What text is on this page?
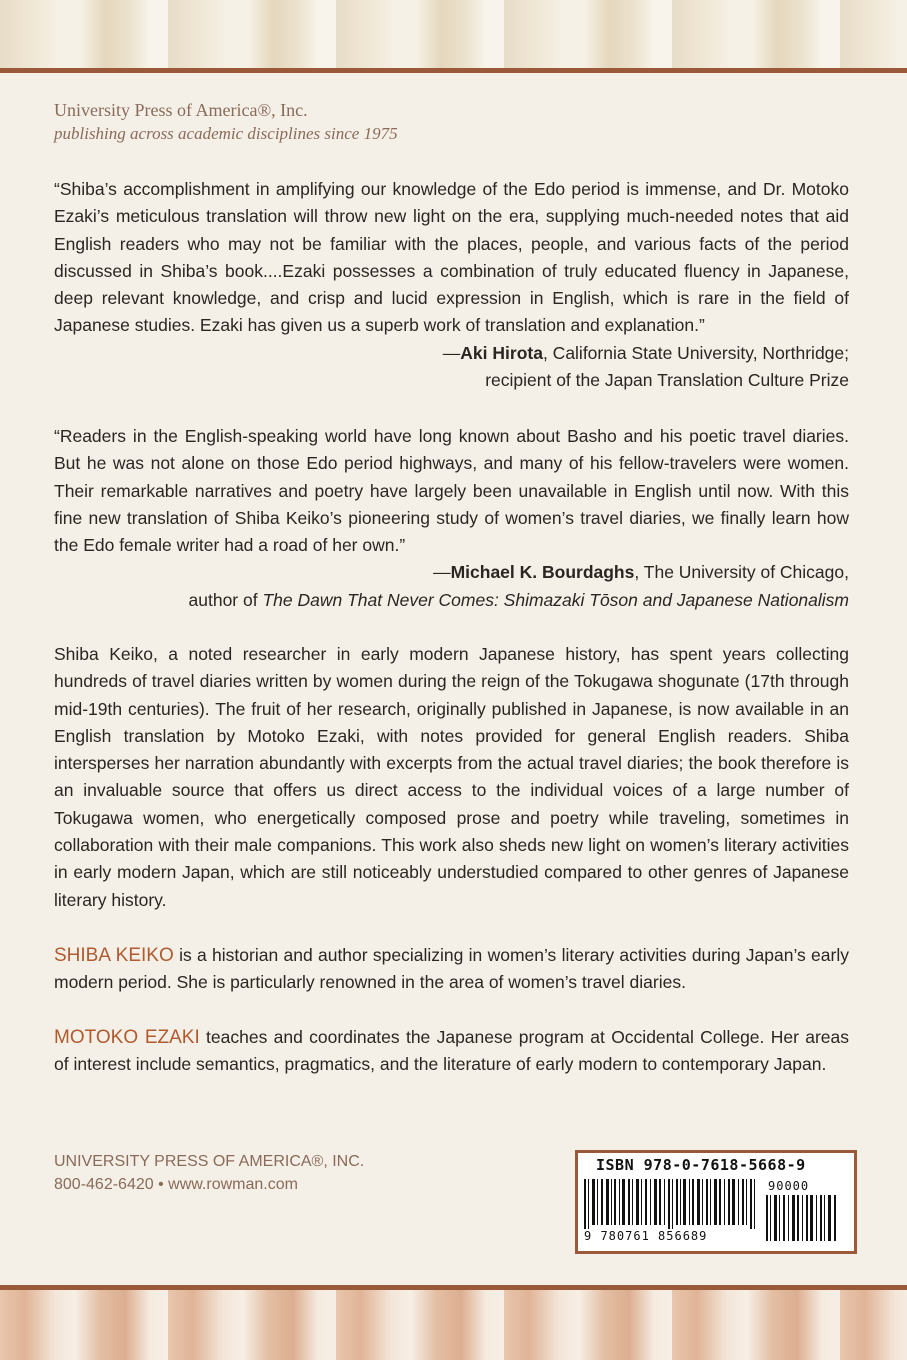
University Press of America®, Inc.
publishing across academic disciplines since 1975
“Shiba’s accomplishment in amplifying our knowledge of the Edo period is immense, and Dr. Motoko Ezaki’s meticulous translation will throw new light on the era, supplying much-needed notes that aid English readers who may not be familiar with the places, people, and various facts of the period discussed in Shiba’s book....Ezaki possesses a combination of truly educated fluency in Japanese, deep relevant knowledge, and crisp and lucid expression in English, which is rare in the field of Japanese studies. Ezaki has given us a superb work of translation and explanation.”
—Aki Hirota, California State University, Northridge;
recipient of the Japan Translation Culture Prize
“Readers in the English-speaking world have long known about Basho and his poetic travel diaries. But he was not alone on those Edo period highways, and many of his fellow-travelers were women. Their remarkable narratives and poetry have largely been unavailable in English until now. With this fine new translation of Shiba Keiko’s pioneering study of women’s travel diaries, we finally learn how the Edo female writer had a road of her own.”
—Michael K. Bourdaghs, The University of Chicago,
author of The Dawn That Never Comes: Shimazaki Tōson and Japanese Nationalism
Shiba Keiko, a noted researcher in early modern Japanese history, has spent years collecting hundreds of travel diaries written by women during the reign of the Tokugawa shogunate (17th through mid-19th centuries). The fruit of her research, originally published in Japanese, is now available in an English translation by Motoko Ezaki, with notes provided for general English readers. Shiba intersperses her narration abundantly with excerpts from the actual travel diaries; the book therefore is an invaluable source that offers us direct access to the individual voices of a large number of Tokugawa women, who energetically composed prose and poetry while traveling, sometimes in collaboration with their male companions. This work also sheds new light on women’s literary activities in early modern Japan, which are still noticeably understudied compared to other genres of Japanese literary history.
SHIBA KEIKO is a historian and author specializing in women’s literary activities during Japan’s early modern period. She is particularly renowned in the area of women’s travel diaries.
MOTOKO EZAKI teaches and coordinates the Japanese program at Occidental College. Her areas of interest include semantics, pragmatics, and the literature of early modern to contemporary Japan.
UNIVERSITY PRESS OF AMERICA®, INC.
800-462-6420 • www.rowman.com
ISBN 978-0-7618-5668-9
9 780761 856689
90000
